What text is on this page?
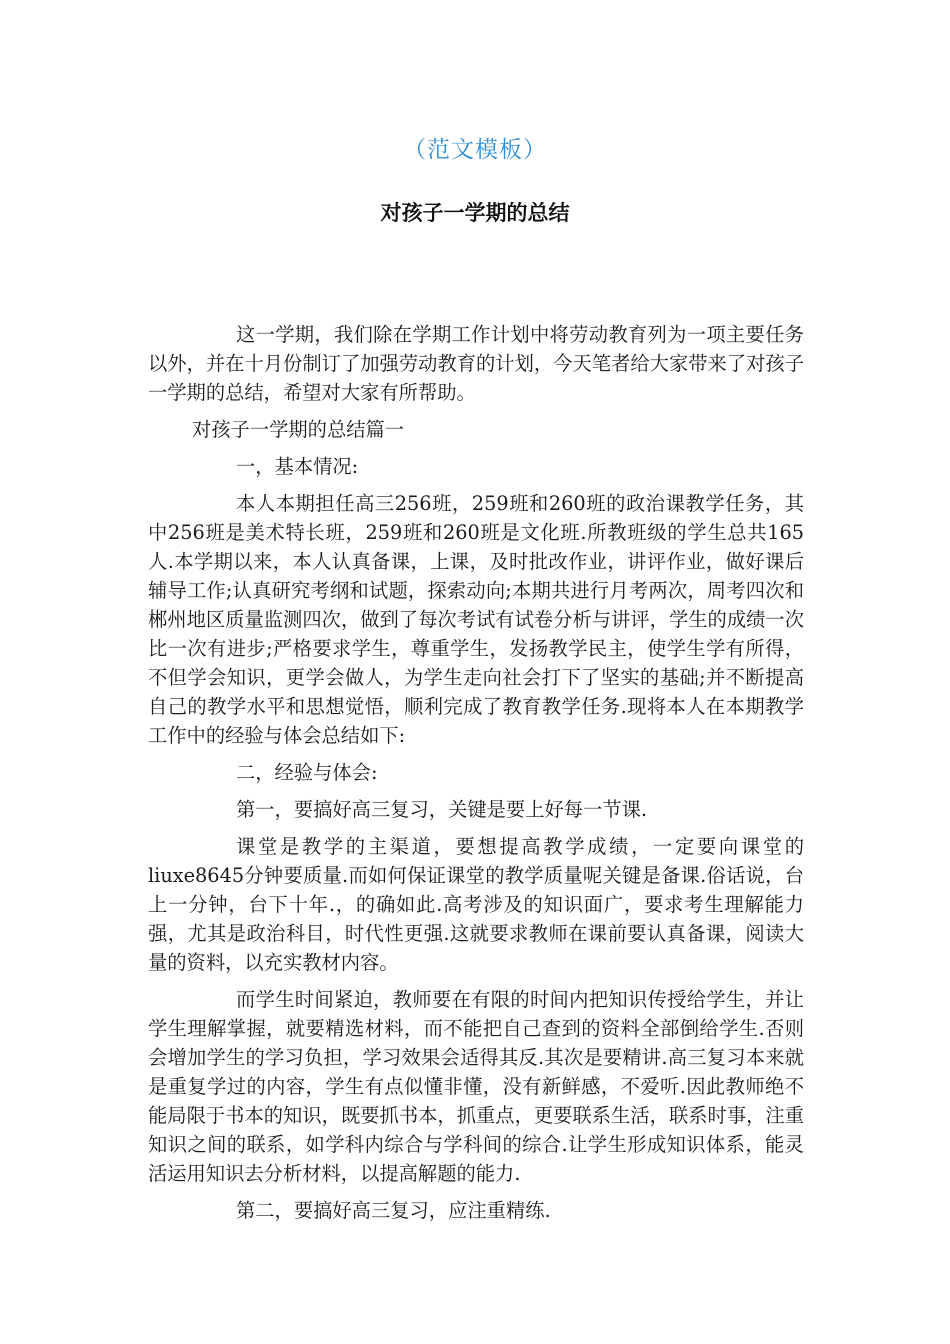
（范文模板）
对孩子一学期的总结

这一学期，我们除在学期工作计划中将劳动教育列为一项主要任务以外，并在十月份制订了加强劳动教育的计划，今天笔者给大家带来了对孩子一学期的总结，希望对大家有所帮助。

对孩子一学期的总结篇一

一，基本情况:

本人本期担任高三256班，259班和260班的政治课教学任务，其中256班是美术特长班，259班和260班是文化班.所教班级的学生总共165人.本学期以来，本人认真备课，上课，及时批改作业，讲评作业，做好课后辅导工作;认真研究考纲和试题，探索动向;本期共进行月考两次，周考四次和郴州地区质量监测四次，做到了每次考试有试卷分析与讲评，学生的成绩一次比一次有进步;严格要求学生，尊重学生，发扬教学民主，使学生学有所得，不但学会知识，更学会做人，为学生走向社会打下了坚实的基础;并不断提高自己的教学水平和思想觉悟，顺利完成了教育教学任务.现将本人在本期教学工作中的经验与体会总结如下:

二，经验与体会:

第一，要搞好高三复习，关键是要上好每一节课.

课堂是教学的主渠道，要想提高教学成绩，一定要向课堂的liuxe8645分钟要质量.而如何保证课堂的教学质量呢关键是备课.俗话说，台上一分钟，台下十年.，的确如此.高考涉及的知识面广，要求考生理解能力强，尤其是政治科目，时代性更强.这就要求教师在课前要认真备课，阅读大量的资料，以充实教材内容。

而学生时间紧迫，教师要在有限的时间内把知识传授给学生，并让学生理解掌握，就要精选材料，而不能把自己查到的资料全部倒给学生.否则会增加学生的学习负担，学习效果会适得其反.其次是要精讲.高三复习本来就是重复学过的内容，学生有点似懂非懂，没有新鲜感，不爱听.因此教师绝不能局限于书本的知识，既要抓书本，抓重点，更要联系生活，联系时事，注重知识之间的联系，如学科内综合与学科间的综合.让学生形成知识体系，能灵活运用知识去分析材料，以提高解题的能力.

第二，要搞好高三复习，应注重精练.
